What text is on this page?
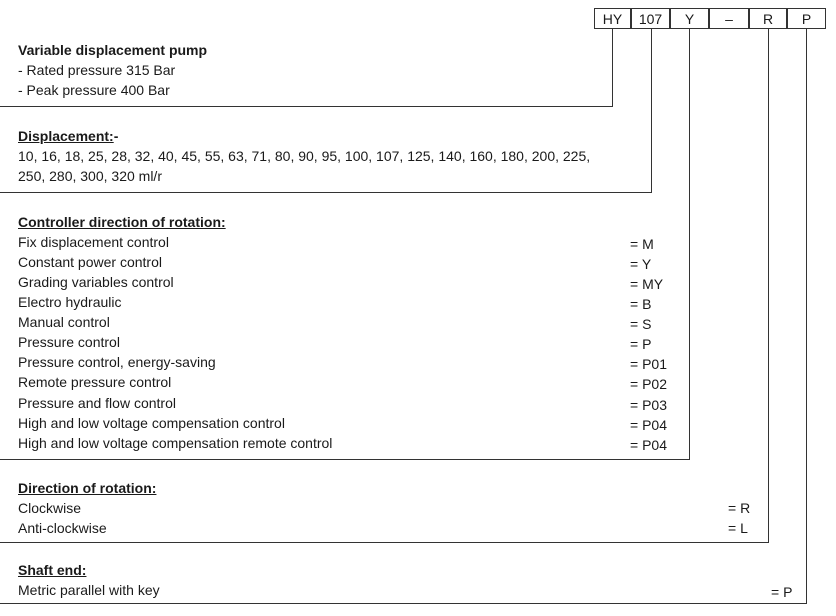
HY	107	Y	–	R	P
Variable displacement pump
- Rated pressure 315 Bar
- Peak pressure 400 Bar
Displacement:-
10, 16, 18, 25, 28, 32, 40, 45, 55, 63, 71, 80, 90, 95, 100, 107, 125, 140, 160, 180, 200, 225,
250, 280, 300, 320 ml/r
Controller direction of rotation:
Fix displacement control	= M
Constant power control	= Y
Grading variables control	= MY
Electro hydraulic	= B
Manual control	= S
Pressure control	= P
Pressure control, energy-saving	= P01
Remote pressure control	= P02
Pressure and flow control	= P03
High and low voltage compensation control	= P04
High and low voltage compensation remote control	= P04
Direction of rotation:
Clockwise	= R
Anti-clockwise	= L
Shaft end:
Metric parallel with key	= P
